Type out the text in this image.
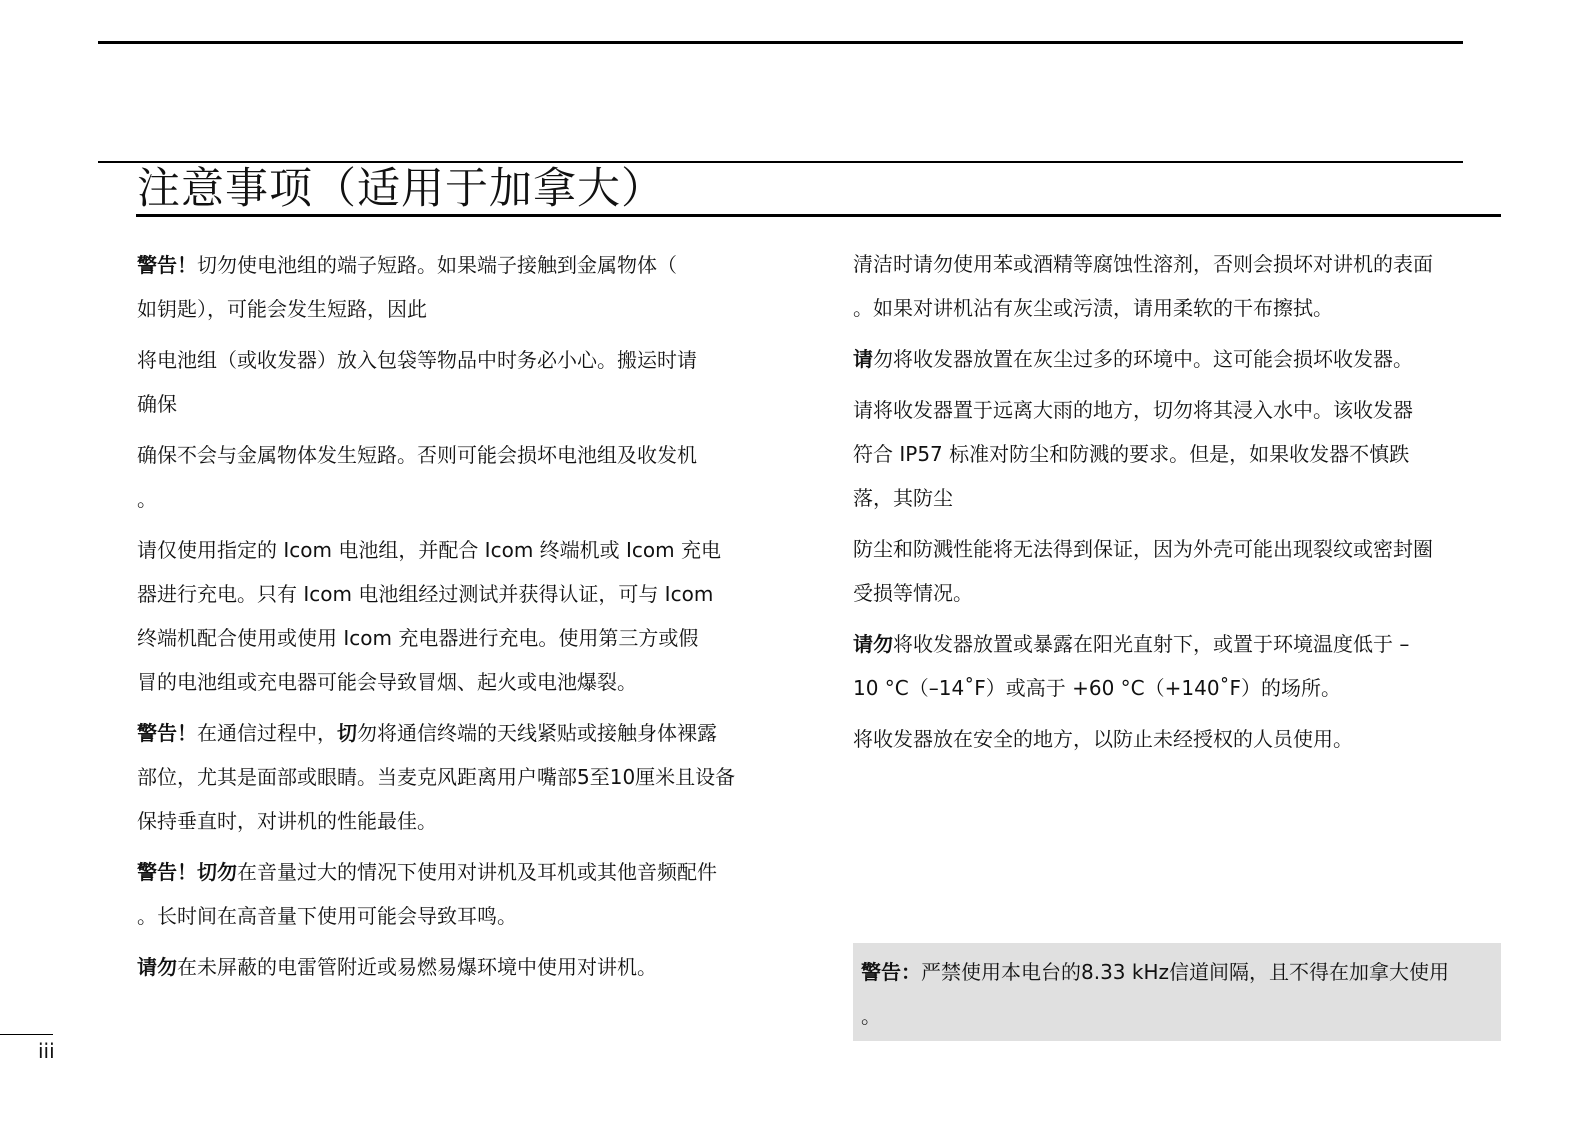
注意事项（适用于加拿大）
警告！切勿使电池组的端子短路。如果端子接触到金属物体（
如钥匙），可能会发生短路，因此
将电池组（或收发器）放入包袋等物品中时务必小心。搬运时请
确保
确保不会与金属物体发生短路。否则可能会损坏电池组及收发机
。
请仅使用指定的 Icom 电池组，并配合 Icom 终端机或 Icom 充电
器进行充电。只有 Icom 电池组经过测试并获得认证，可与 Icom
终端机配合使用或使用 Icom 充电器进行充电。使用第三方或假
冒的电池组或充电器可能会导致冒烟、起火或电池爆裂。
警告！在通信过程中，切勿将通信终端的天线紧贴或接触身体裸露
部位，尤其是面部或眼睛。当麦克风距离用户嘴部5至10厘米且设备
保持垂直时，对讲机的性能最佳。
警告！切勿在音量过大的情况下使用对讲机及耳机或其他音频配件
。长时间在高音量下使用可能会导致耳鸣。
请勿在未屏蔽的电雷管附近或易燃易爆环境中使用对讲机。
清洁时请勿使用苯或酒精等腐蚀性溶剂，否则会损坏对讲机的表面
。如果对讲机沾有灰尘或污渍，请用柔软的干布擦拭。
请勿将收发器放置在灰尘过多的环境中。这可能会损坏收发器。
请将收发器置于远离大雨的地方，切勿将其浸入水中。该收发器
符合 IP57 标准对防尘和防溅的要求。但是，如果收发器不慎跌
落，其防尘
防尘和防溅性能将无法得到保证，因为外壳可能出现裂纹或密封圈
受损等情况。
请勿将收发器放置或暴露在阳光直射下，或置于环境温度低于 –
10 °C（–14˚F）或高于 +60 °C（+140˚F）的场所。
将收发器放在安全的地方，以防止未经授权的人员使用。
警告：严禁使用本电台的8.33 kHz信道间隔，且不得在加拿大使用
。
iii
